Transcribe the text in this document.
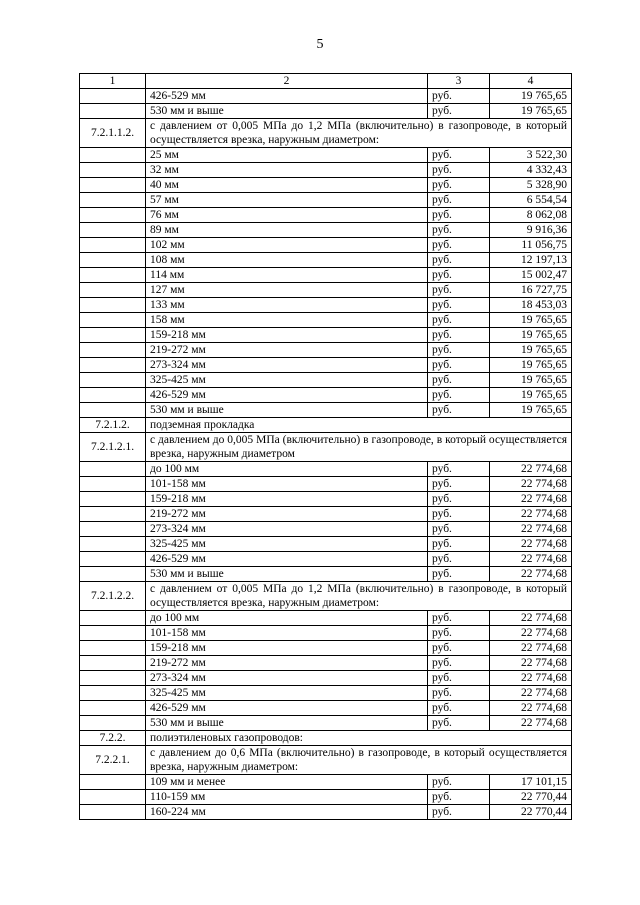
5
1	2	3	4
	426-529 мм	руб.	19 765,65
	530 мм и выше	руб.	19 765,65
7.2.1.1.2.	с давлением от 0,005 МПа до 1,2 МПа (включительно) в газопроводе, в который осуществляется врезка, наружным диаметром:		
	25 мм	руб.	3 522,30
	32 мм	руб.	4 332,43
	40 мм	руб.	5 328,90
	57 мм	руб.	6 554,54
	76 мм	руб.	8 062,08
	89 мм	руб.	9 916,36
	102 мм	руб.	11 056,75
	108 мм	руб.	12 197,13
	114 мм	руб.	15 002,47
	127 мм	руб.	16 727,75
	133 мм	руб.	18 453,03
	158 мм	руб.	19 765,65
	159-218 мм	руб.	19 765,65
	219-272 мм	руб.	19 765,65
	273-324 мм	руб.	19 765,65
	325-425 мм	руб.	19 765,65
	426-529 мм	руб.	19 765,65
	530 мм и выше	руб.	19 765,65
7.2.1.2.	подземная прокладка		
7.2.1.2.1.	с давлением до 0,005 МПа (включительно) в газопроводе, в который осуществляется врезка, наружным диаметром		
	до 100 мм	руб.	22 774,68
	101-158 мм	руб.	22 774,68
	159-218 мм	руб.	22 774,68
	219-272 мм	руб.	22 774,68
	273-324 мм	руб.	22 774,68
	325-425 мм	руб.	22 774,68
	426-529 мм	руб.	22 774,68
	530 мм и выше	руб.	22 774,68
7.2.1.2.2.	с давлением от 0,005 МПа до 1,2 МПа (включительно) в газопроводе, в который осуществляется врезка, наружным диаметром:		
	до 100 мм	руб.	22 774,68
	101-158 мм	руб.	22 774,68
	159-218 мм	руб.	22 774,68
	219-272 мм	руб.	22 774,68
	273-324 мм	руб.	22 774,68
	325-425 мм	руб.	22 774,68
	426-529 мм	руб.	22 774,68
	530 мм и выше	руб.	22 774,68
7.2.2.	полиэтиленовых газопроводов:		
7.2.2.1.	с давлением до 0,6 МПа (включительно) в газопроводе, в который осуществляется врезка, наружным диаметром:		
	109 мм и менее	руб.	17 101,15
	110-159 мм	руб.	22 770,44
	160-224 мм	руб.	22 770,44
